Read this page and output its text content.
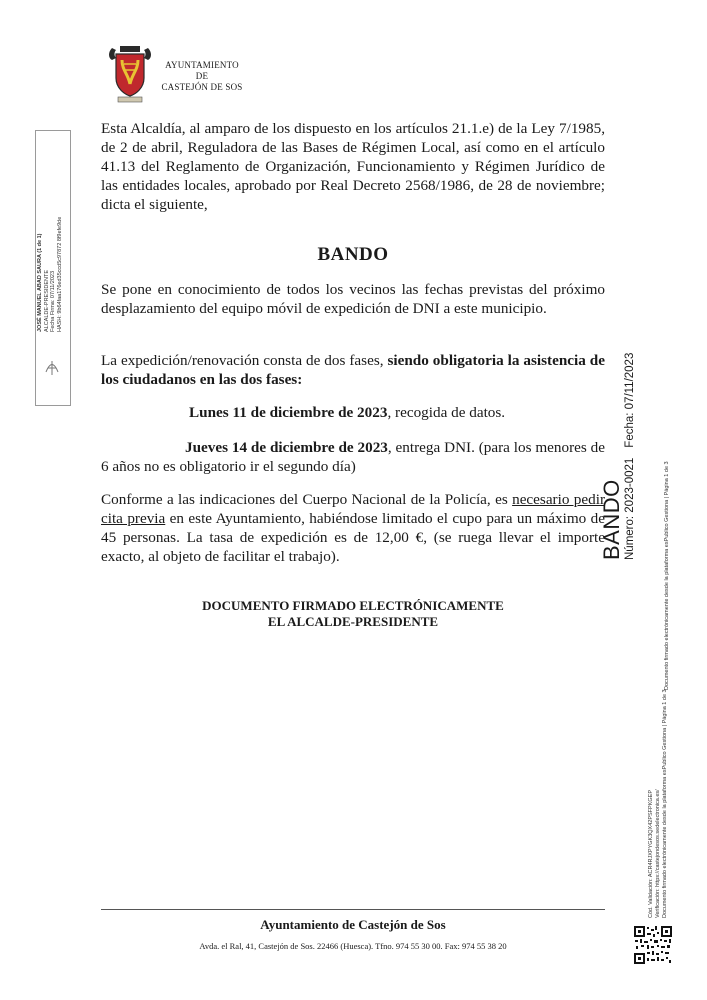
AYUNTAMIENTO
DE
CASTEJÓN DE SOS
JOSÉ MANUEL ABAD SAURA (1 de 1) ALCALDE-PRESIDENTE Fecha Firma: 07/11/2023 HASH: 9b64faa176ed35ccd5c97872 8f9efe9de

Esta Alcaldía, al amparo de los dispuesto en los artículos 21.1.e) de la Ley 7/1985, de 2 de abril, Reguladora de las Bases de Régimen Local, así como en el artículo 41.13 del Reglamento de Organización, Funcionamiento y Régimen Jurídico de las entidades locales, aprobado por Real Decreto 2568/1986, de 28 de noviembre; dicta el siguiente,

BANDO

Se pone en conocimiento de todos los vecinos las fechas previstas del próximo desplazamiento del equipo móvil de expedición de DNI a este municipio.

La expedición/renovación consta de dos fases, siendo obligatoria la asistencia de los ciudadanos en las dos fases:

Lunes 11 de diciembre de 2023, recogida de datos.

Jueves 14 de diciembre de 2023, entrega DNI. (para los menores de 6 años no es obligatorio ir el segundo día)

Conforme a las indicaciones del Cuerpo Nacional de la Policía, es necesario pedir cita previa en este Ayuntamiento, habiéndose limitado el cupo para un máximo de 45 personas. La tasa de expedición es de 12,00 €, (se ruega llevar el importe exacto, al objeto de facilitar el trabajo).

DOCUMENTO FIRMADO ELECTRÓNICAMENTE
EL ALCALDE-PRESIDENTE
BANDO Número: 2023-0021Fecha: 07/11/2023
Documento firmado electrónicamente desde la plataforma esPublico Gestiona | Página 1 de 3
Cód. Validación: ACR4RJXPYGK3QX42PSFPKGEP Verificación: https://castejondesos.sedelectronica.es/ Documento firmado electrónicamente desde la plataforma esPublico Gestiona | Página 1 de 3
Ayuntamiento de Castejón de Sos
Avda. el Ral, 41, Castejón de Sos. 22466 (Huesca). Tfno. 974 55 30 00. Fax: 974 55 38 20
